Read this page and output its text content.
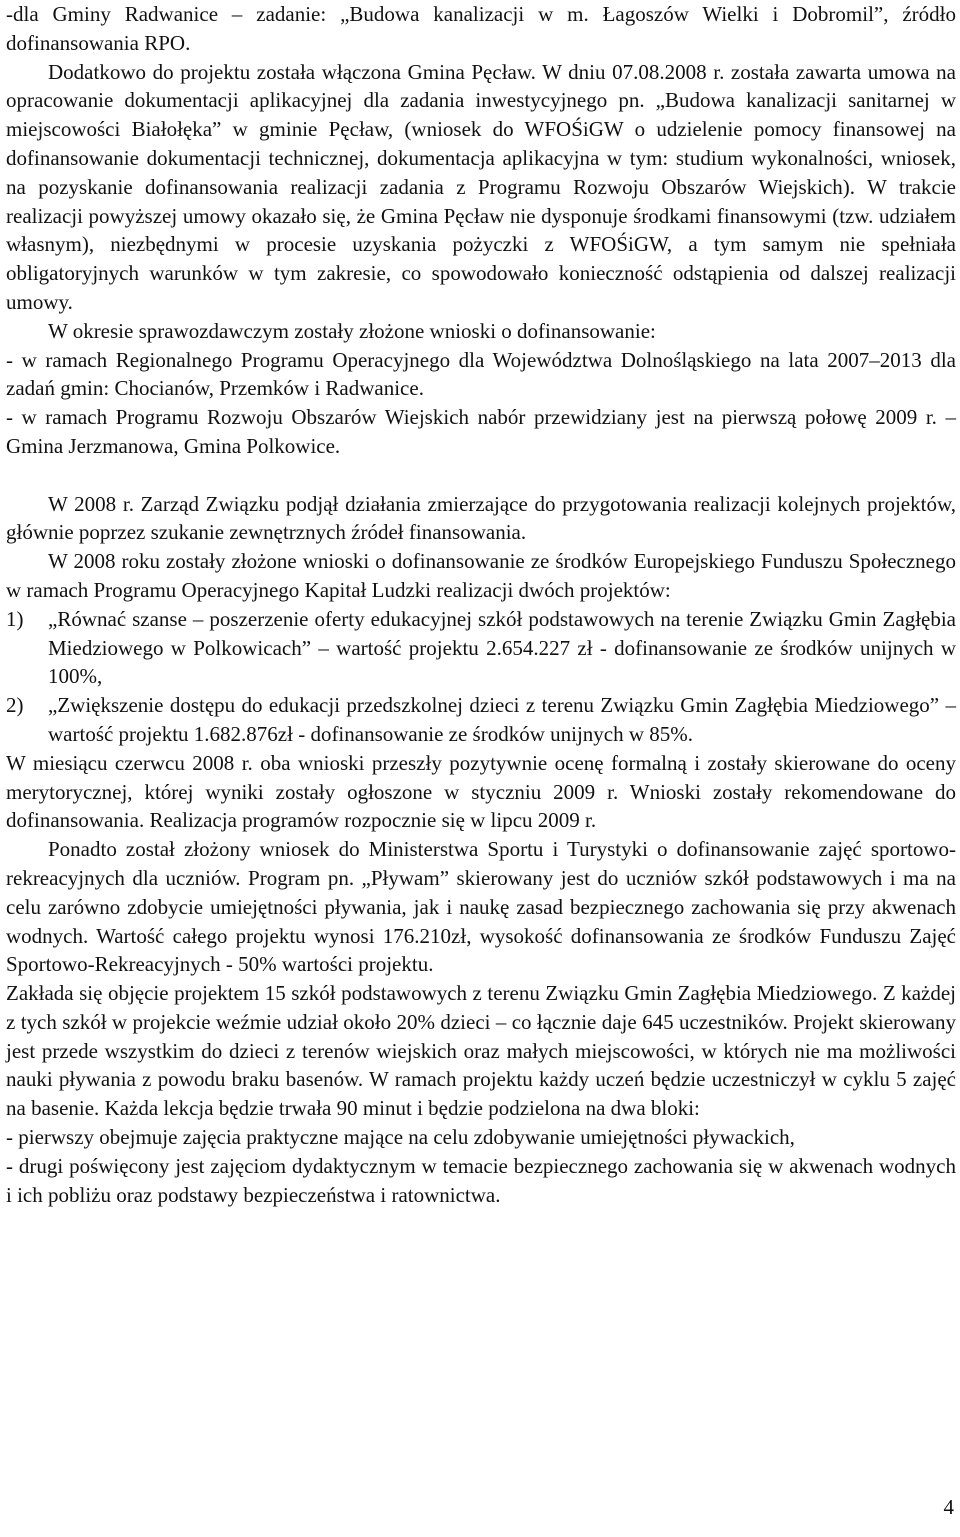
-dla Gminy Radwanice – zadanie: „Budowa kanalizacji w m. Łagoszów Wielki i Dobromil”, źródło dofinansowania RPO.

Dodatkowo do projektu została włączona Gmina Pęcław. W dniu 07.08.2008 r. została zawarta umowa na opracowanie dokumentacji aplikacyjnej dla zadania inwestycyjnego pn. „Budowa kanalizacji sanitarnej w miejscowości Białołęka” w gminie Pęcław, (wniosek do WFOŚiGW o udzielenie pomocy finansowej na dofinansowanie dokumentacji technicznej, dokumentacja aplikacyjna w tym: studium wykonalności, wniosek, na pozyskanie dofinansowania realizacji zadania z Programu Rozwoju Obszarów Wiejskich). W trakcie realizacji powyższej umowy okazało się, że Gmina Pęcław nie dysponuje środkami finansowymi (tzw. udziałem własnym), niezbędnymi w procesie uzyskania pożyczki z WFOŚiGW, a tym samym nie spełniała obligatoryjnych warunków w tym zakresie, co spowodowało konieczność odstąpienia od dalszej realizacji umowy.

W okresie sprawozdawczym zostały złożone wnioski o dofinansowanie:

- w ramach Regionalnego Programu Operacyjnego dla Województwa Dolnośląskiego na lata 2007–2013 dla zadań gmin: Chocianów, Przemków i Radwanice.

- w ramach Programu Rozwoju Obszarów Wiejskich nabór przewidziany jest na pierwszą połowę 2009 r. – Gmina Jerzmanowa, Gmina Polkowice.

W 2008 r. Zarząd Związku podjął działania zmierzające do przygotowania realizacji kolejnych projektów, głównie poprzez szukanie zewnętrznych źródeł finansowania.

W 2008 roku zostały złożone wnioski o dofinansowanie ze środków Europejskiego Funduszu Społecznego w ramach Programu Operacyjnego Kapitał Ludzki realizacji dwóch projektów:

1) „Równać szanse – poszerzenie oferty edukacyjnej szkół podstawowych na terenie Związku Gmin Zagłębia Miedziowego w Polkowicach” – wartość projektu 2.654.227 zł - dofinansowanie ze środków unijnych w 100%,
2) „Zwiększenie dostępu do edukacji przedszkolnej dzieci z terenu Związku Gmin Zagłębia Miedziowego” – wartość projektu 1.682.876zł - dofinansowanie ze środków unijnych w 85%.

W miesiącu czerwcu 2008 r. oba wnioski przeszły pozytywnie ocenę formalną i zostały skierowane do oceny merytorycznej, której wyniki zostały ogłoszone w styczniu 2009 r. Wnioski zostały rekomendowane do dofinansowania. Realizacja programów rozpocznie się w lipcu 2009 r.

Ponadto został złożony wniosek do Ministerstwa Sportu i Turystyki o dofinansowanie zajęć sportowo-rekreacyjnych dla uczniów. Program pn. „Pływam” skierowany jest do uczniów szkół podstawowych i ma na celu zarówno zdobycie umiejętności pływania, jak i naukę zasad bezpiecznego zachowania się przy akwenach wodnych. Wartość całego projektu wynosi 176.210zł, wysokość dofinansowania ze środków Funduszu Zajęć Sportowo-Rekreacyjnych - 50% wartości projektu.

Zakłada się objęcie projektem 15 szkół podstawowych z terenu Związku Gmin Zagłębia Miedziowego. Z każdej z tych szkół w projekcie weźmie udział około 20% dzieci – co łącznie daje 645 uczestników. Projekt skierowany jest przede wszystkim do dzieci z terenów wiejskich oraz małych miejscowości, w których nie ma możliwości nauki pływania z powodu braku basenów. W ramach projektu każdy uczeń będzie uczestniczył w cyklu 5 zajęć na basenie. Każda lekcja będzie trwała 90 minut i będzie podzielona na dwa bloki:

- pierwszy obejmuje zajęcia praktyczne mające na celu zdobywanie umiejętności pływackich,

- drugi poświęcony jest zajęciom dydaktycznym w temacie bezpiecznego zachowania się w akwenach wodnych i ich pobliżu oraz podstawy bezpieczeństwa i ratownictwa.

4
